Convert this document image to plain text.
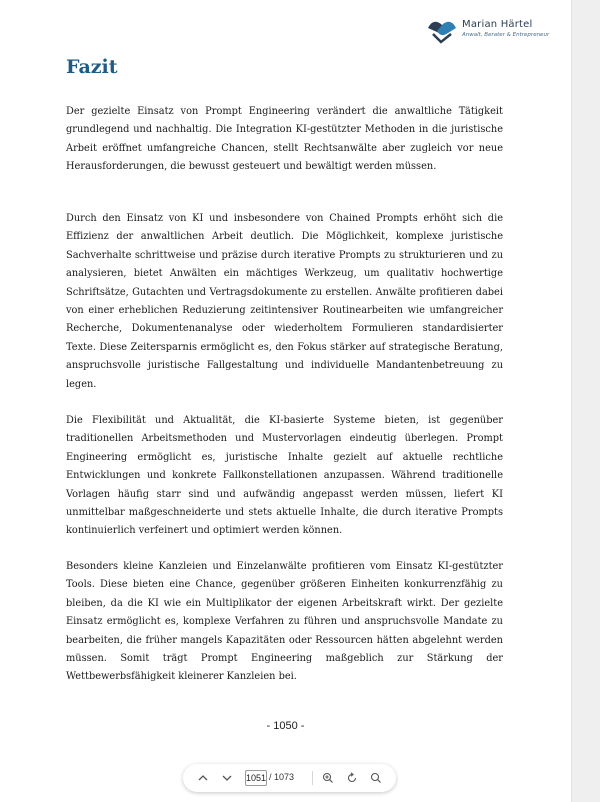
Marian Härtel
Anwalt, Berater & Entrepreneur
Fazit
Der gezielte Einsatz von Prompt Engineering verändert die anwaltliche Tätigkeit grundlegend und nachhaltig. Die Integration KI-gestützter Methoden in die juristische Arbeit eröffnet umfangreiche Chancen, stellt Rechtsanwälte aber zugleich vor neue Herausforderungen, die bewusst gesteuert und bewältigt werden müssen.
Durch den Einsatz von KI und insbesondere von Chained Prompts erhöht sich die Effizienz der anwaltlichen Arbeit deutlich. Die Möglichkeit, komplexe juristische Sachverhalte schrittweise und präzise durch iterative Prompts zu strukturieren und zu analysieren, bietet Anwälten ein mächtiges Werkzeug, um qualitativ hochwertige Schriftsätze, Gutachten und Vertragsdokumente zu erstellen. Anwälte profitieren dabei von einer erheblichen Reduzierung zeitintensiver Routinearbeiten wie umfangreicher Recherche, Dokumentenanalyse oder wiederholtem Formulieren standardisierter Texte. Diese Zeitersparnis ermöglicht es, den Fokus stärker auf strategische Beratung, anspruchsvolle juristische Fallgestaltung und individuelle Mandantenbetreuung zu legen.
Die Flexibilität und Aktualität, die KI-basierte Systeme bieten, ist gegenüber traditionellen Arbeitsmethoden und Mustervorlagen eindeutig überlegen. Prompt Engineering ermöglicht es, juristische Inhalte gezielt auf aktuelle rechtliche Entwicklungen und konkrete Fallkonstellationen anzupassen. Während traditionelle Vorlagen häufig starr sind und aufwändig angepasst werden müssen, liefert KI unmittelbar maßgeschneiderte und stets aktuelle Inhalte, die durch iterative Prompts kontinuierlich verfeinert und optimiert werden können.
Besonders kleine Kanzleien und Einzelanwälte profitieren vom Einsatz KI-gestützter Tools. Diese bieten eine Chance, gegenüber größeren Einheiten konkurrenzfähig zu bleiben, da die KI wie ein Multiplikator der eigenen Arbeitskraft wirkt. Der gezielte Einsatz ermöglicht es, komplexe Verfahren zu führen und anspruchsvolle Mandate zu bearbeiten, die früher mangels Kapazitäten oder Ressourcen hätten abgelehnt werden müssen. Somit trägt Prompt Engineering maßgeblich zur Stärkung der Wettbewerbsfähigkeit kleinerer Kanzleien bei.
- 1050 -
1051
/ 1073
